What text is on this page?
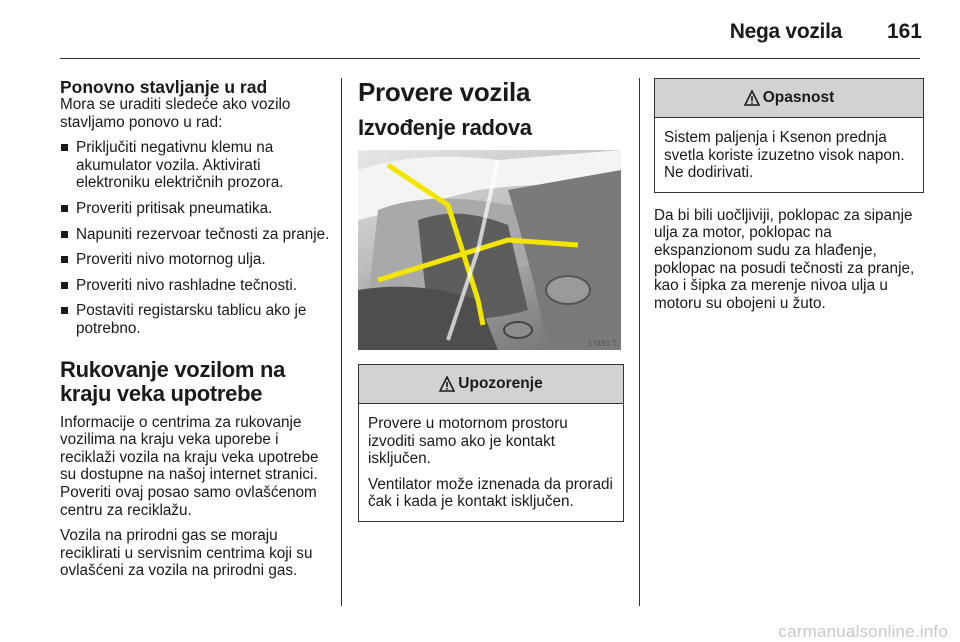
Nega vozila 161

Ponovno stavljanje u rad

Mora se uraditi sledeće ako vozilo stavljamo ponovo u rad:

Priključiti negativnu klemu na akumulator vozila. Aktivirati elektroniku električnih prozora.
Proveriti pritisak pneumatika.
Napuniti rezervoar tečnosti za pranje.
Proveriti nivo motornog ulja.
Proveriti nivo rashladne tečnosti.
Postaviti registarsku tablicu ako je potrebno.

Rukovanje vozilom na kraju veka upotrebe

Informacije o centrima za rukovanje vozilima na kraju veka uporebe i reciklaži vozila na kraju veka upotrebe su dostupne na našoj internet stranici. Poveriti ovaj posao samo ovlašćenom centru za reciklažu.

Vozila na prirodni gas se moraju reciklirati u servisnim centrima koji su ovlašćeni za vozila na prirodni gas.

Provere vozila

Izvođenje radova

17491 T
Upozorenje

Provere u motornom prostoru izvoditi samo ako je kontakt isključen.

Ventilator može iznenada da proradi čak i kada je kontakt isključen.

Opasnost

Sistem paljenja i Ksenon prednja svetla koriste izuzetno visok napon. Ne dodirivati.

Da bi bili uočljiviji, poklopac za sipanje ulja za motor, poklopac na ekspanzionom sudu za hlađenje, poklopac na posudi tečnosti za pranje, kao i šipka za merenje nivoa ulja u motoru su obojeni u žuto.

carmanualsonline.info
